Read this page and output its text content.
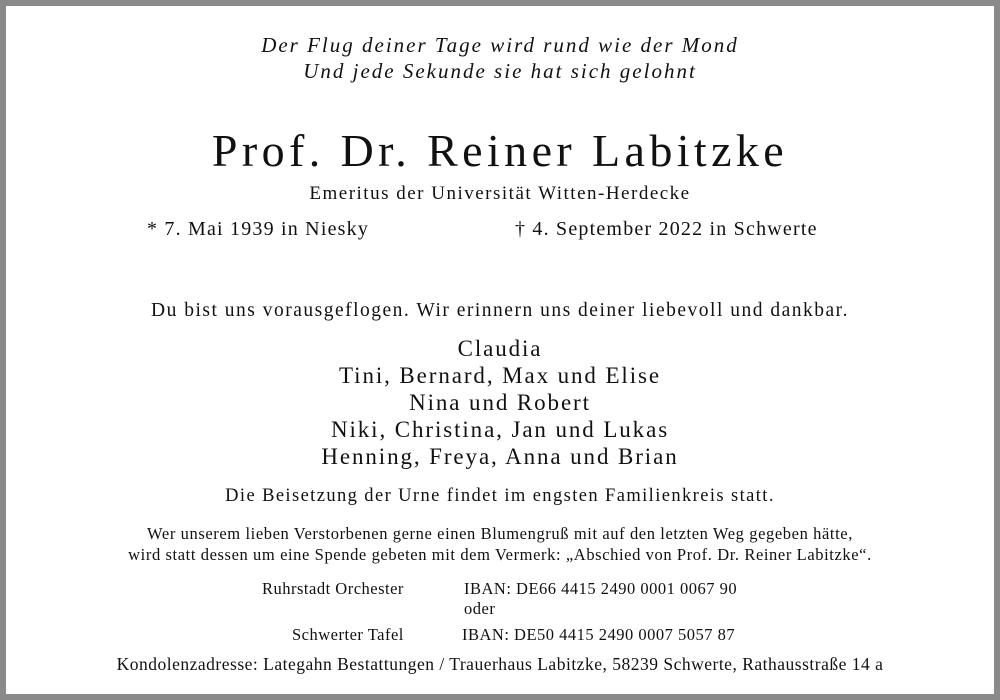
Der Flug deiner Tage wird rund wie der Mond
Und jede Sekunde sie hat sich gelohnt
Prof. Dr. Reiner Labitzke
Emeritus der Universität Witten-Herdecke
* 7. Mai 1939 in Niesky	† 4. September 2022 in Schwerte
Du bist uns vorausgeflogen. Wir erinnern uns deiner liebevoll und dankbar.
Claudia
Tini, Bernard, Max und Elise
Nina und Robert
Niki, Christina, Jan und Lukas
Henning, Freya, Anna und Brian
Die Beisetzung der Urne findet im engsten Familienkreis statt.
Wer unserem lieben Verstorbenen gerne einen Blumengruß mit auf den letzten Weg gegeben hätte,
wird statt dessen um eine Spende gebeten mit dem Vermerk: „Abschied von Prof. Dr. Reiner Labitzke“.
Ruhrstadt Orchester	IBAN: DE66 4415 2490 0001 0067 90
oder
Schwerter Tafel	IBAN: DE50 4415 2490 0007 5057 87
Kondolenzadresse: Lategahn Bestattungen / Trauerhaus Labitzke, 58239 Schwerte, Rathausstraße 14 a
